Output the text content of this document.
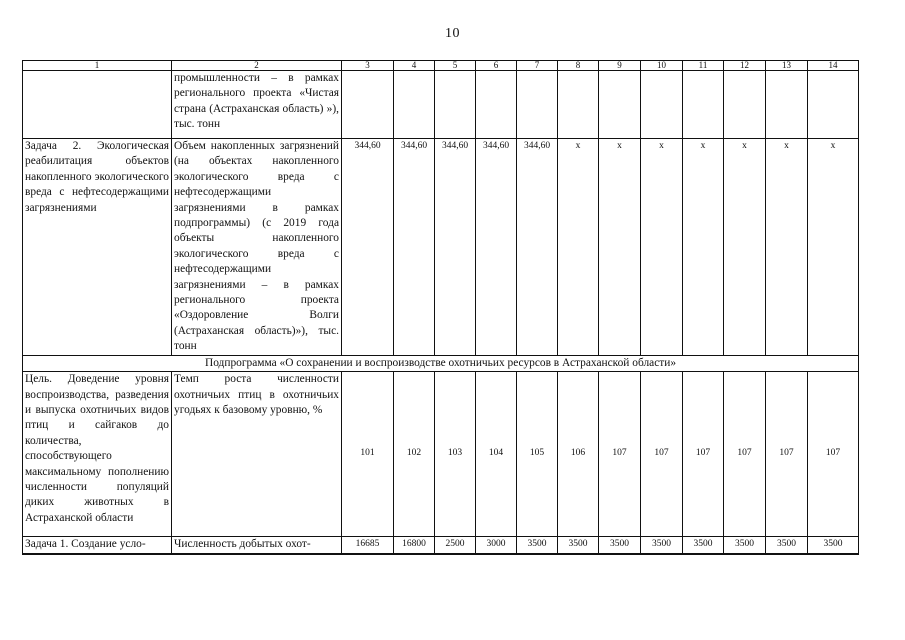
10
1	2	3	4	5	6	7	8	9	10	11	12	13	14
	промышленности – в рамках регионального проекта «Чистая страна (Астраханская область) »), тыс. тонн												
Задача 2. Экологическая реабилитация объектов накопленного экологического вреда с нефтесодержащими загрязнениями	Объем накопленных загрязнений (на объектах накопленного экологического вреда с нефтесодержащими загрязнениями в рамках подпрограммы) (с 2019 года объекты накопленного экологического вреда с нефтесодержащими загрязнениями – в рамках регионального проекта «Оздоровление Волги (Астраханская область)»), тыс. тонн	344,60	344,60	344,60	344,60	344,60	х	х	х	х	х	х	х
Подпрограмма «О сохранении и воспроизводстве охотничьих ресурсов в Астраханской области»													
Цель. Доведение уровня воспроизводства, разведения и выпуска охотничьих видов птиц и сайгаков до количества, способствующего максимальному пополнению численности популяций диких животных в Астраханской области	Темп роста численности охотничьих птиц в охотничьих угодьях к базовому уровню, %	101	102	103	104	105	106	107	107	107	107	107	107
Задача 1. Создание усло-	Численность добытых охот-	16685	16800	2500	3000	3500	3500	3500	3500	3500	3500	3500	3500
